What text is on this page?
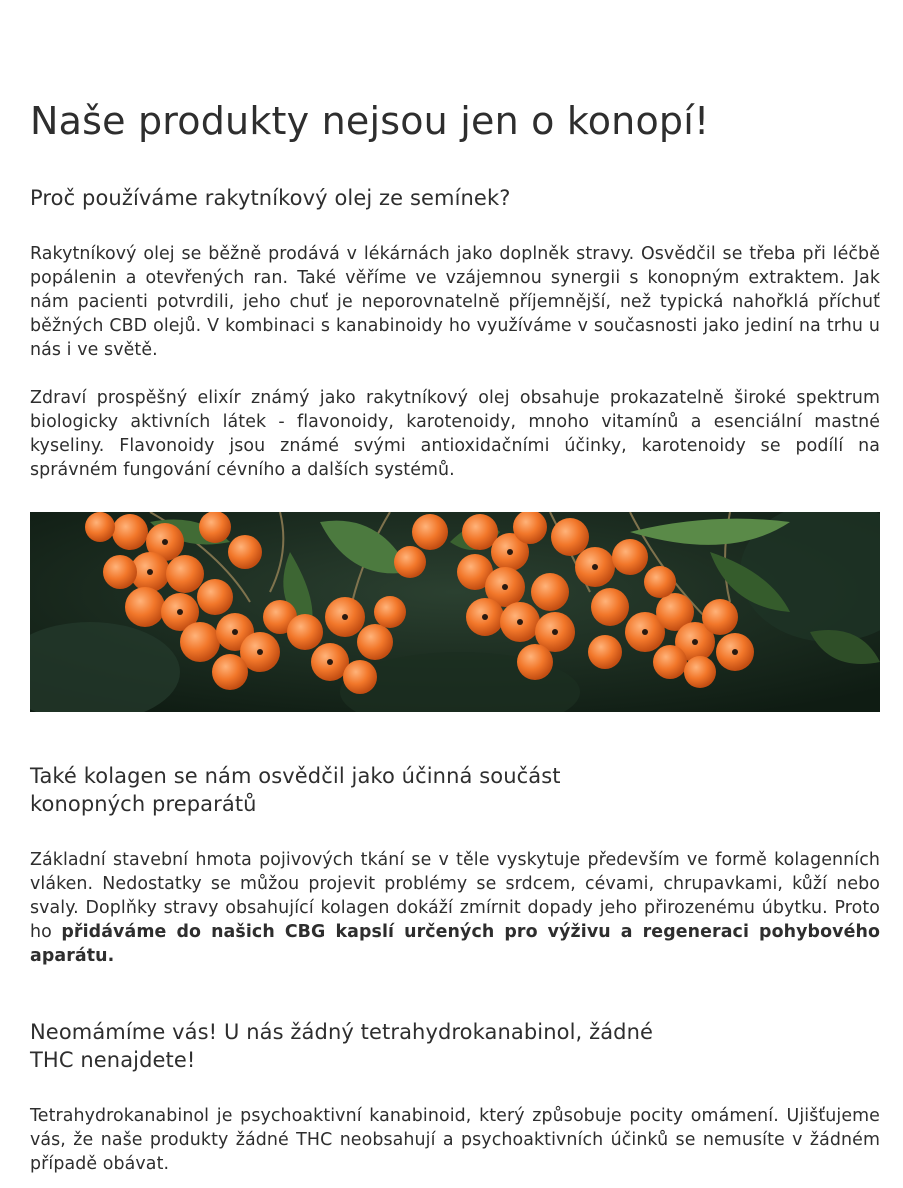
Naše produkty nejsou jen o konopí!
Proč používáme rakytníkový olej ze semínek?

Rakytníkový olej se běžně prodává v lékárnách jako doplněk stravy. Osvědčil se třeba při léčbě popálenin a otevřených ran. Také věříme ve vzájemnou synergii s konopným extraktem. Jak nám pacienti potvrdili, jeho chuť je neporovnatelně příjemnější, než typická nahořklá příchuť běžných CBD olejů. V kombinaci s kanabinoidy ho využíváme v současnosti jako jediní na trhu u nás i ve světě.

Zdraví prospěšný elixír známý jako rakytníkový olej obsahuje prokazatelně široké spektrum biologicky aktivních látek - flavonoidy, karotenoidy, mnoho vitamínů a esenciální mastné kyseliny. Flavonoidy jsou známé svými antioxidačními účinky, karotenoidy se podílí na správném fungování cévního a dalších systémů.

Také kolagen se nám osvědčil jako účinná součást konopných preparátů

Základní stavební hmota pojivových tkání se v těle vyskytuje především ve formě kolagenních vláken. Nedostatky se můžou projevit problémy se srdcem, cévami, chrupavkami, kůží nebo svaly. Doplňky stravy obsahující kolagen dokáží zmírnit dopady jeho přirozenému úbytku. Proto ho přidáváme do našich CBG kapslí určených pro výživu a regeneraci pohybového aparátu.

Neomámíme vás! U nás žádný tetrahydrokanabinol, žádné THC nenajdete!

Tetrahydrokanabinol je psychoaktivní kanabinoid, který způsobuje pocity omámení. Ujišťujeme vás, že naše produkty žádné THC neobsahují a psychoaktivních účinků se nemusíte v žádném případě obávat.
